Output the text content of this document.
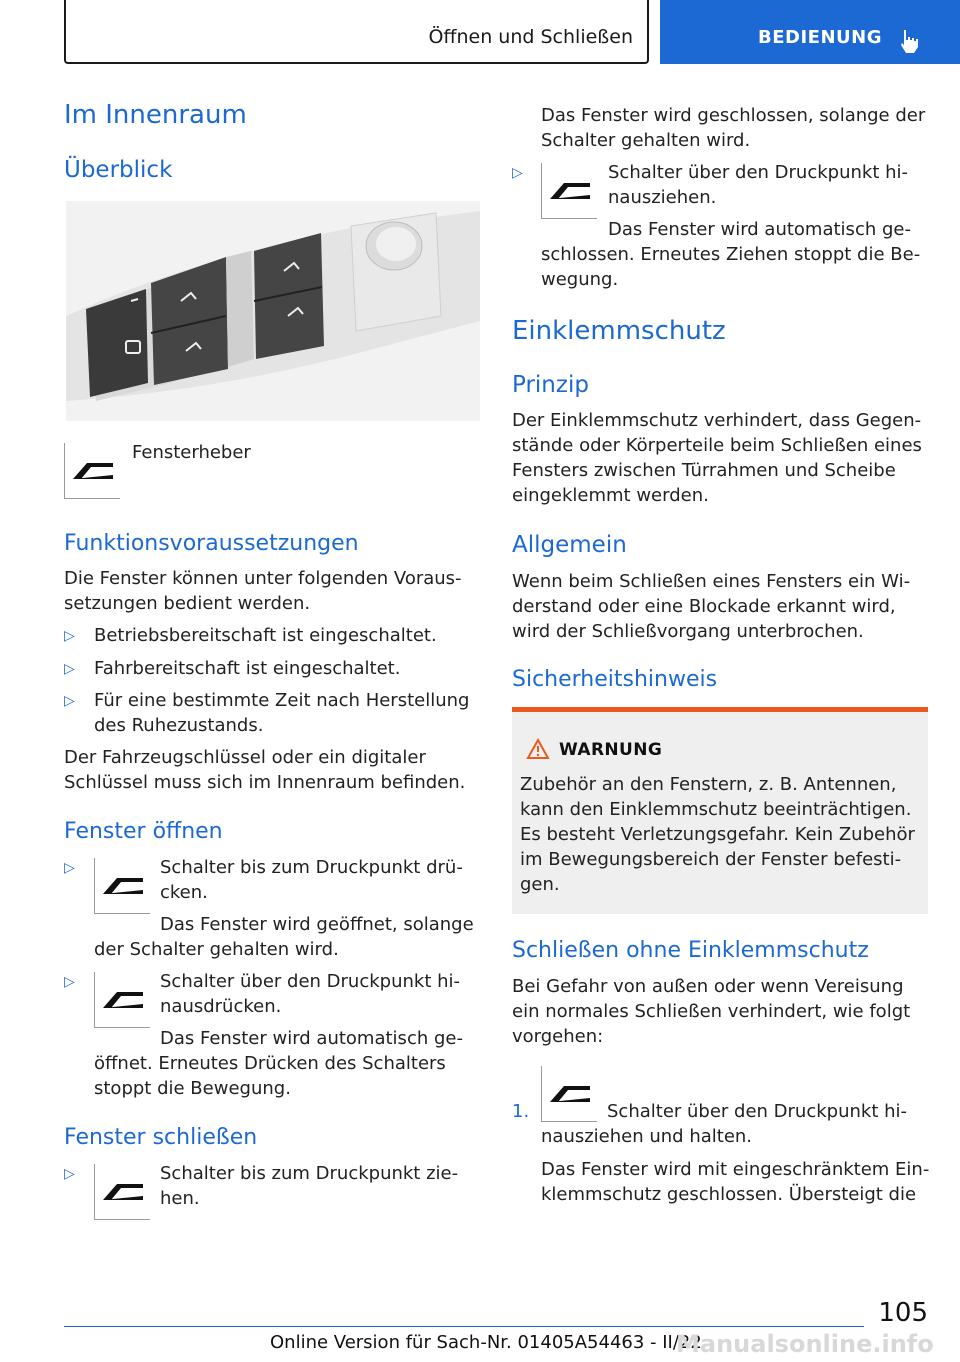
Öffnen und Schließen	BEDIENUNG
Im Innenraum
Überblick
Fensterheber
Funktionsvoraussetzungen
Die Fenster können unter folgenden Voraus-
setzungen bedient werden.
▷ Betriebsbereitschaft ist eingeschaltet.
▷ Fahrbereitschaft ist eingeschaltet.
▷ Für eine bestimmte Zeit nach Herstellung
des Ruhezustands.
Der Fahrzeugschlüssel oder ein digitaler
Schlüssel muss sich im Innenraum befinden.
Fenster öffnen
▷	Schalter bis zum Druckpunkt drü-
cken.
Das Fenster wird geöffnet, solange
der Schalter gehalten wird.
▷	Schalter über den Druckpunkt hi-
nausdrücken.
Das Fenster wird automatisch ge-
öffnet. Erneutes Drücken des Schalters
stoppt die Bewegung.
Fenster schließen
▷	Schalter bis zum Druckpunkt zie-
hen.
Das Fenster wird geschlossen, solange der
Schalter gehalten wird.
▷	Schalter über den Druckpunkt hi-
nausziehen.
Das Fenster wird automatisch ge-
schlossen. Erneutes Ziehen stoppt die Be-
wegung.
Einklemmschutz
Prinzip
Der Einklemmschutz verhindert, dass Gegen-
stände oder Körperteile beim Schließen eines
Fensters zwischen Türrahmen und Scheibe
eingeklemmt werden.
Allgemein
Wenn beim Schließen eines Fensters ein Wi-
derstand oder eine Blockade erkannt wird,
wird der Schließvorgang unterbrochen.
Sicherheitshinweis
WARNUNG
Zubehör an den Fenstern, z. B. Antennen,
kann den Einklemmschutz beeinträchtigen.
Es besteht Verletzungsgefahr. Kein Zubehör
im Bewegungsbereich der Fenster befesti-
gen.
Schließen ohne Einklemmschutz
Bei Gefahr von außen oder wenn Vereisung
ein normales Schließen verhindert, wie folgt
vorgehen:
1.	Schalter über den Druckpunkt hi-
nausziehen und halten.
Das Fenster wird mit eingeschränktem Ein-
klemmschutz geschlossen. Übersteigt die
105
Online Version für Sach-Nr. 01405A54463 - II/22
Manualsonline.info
